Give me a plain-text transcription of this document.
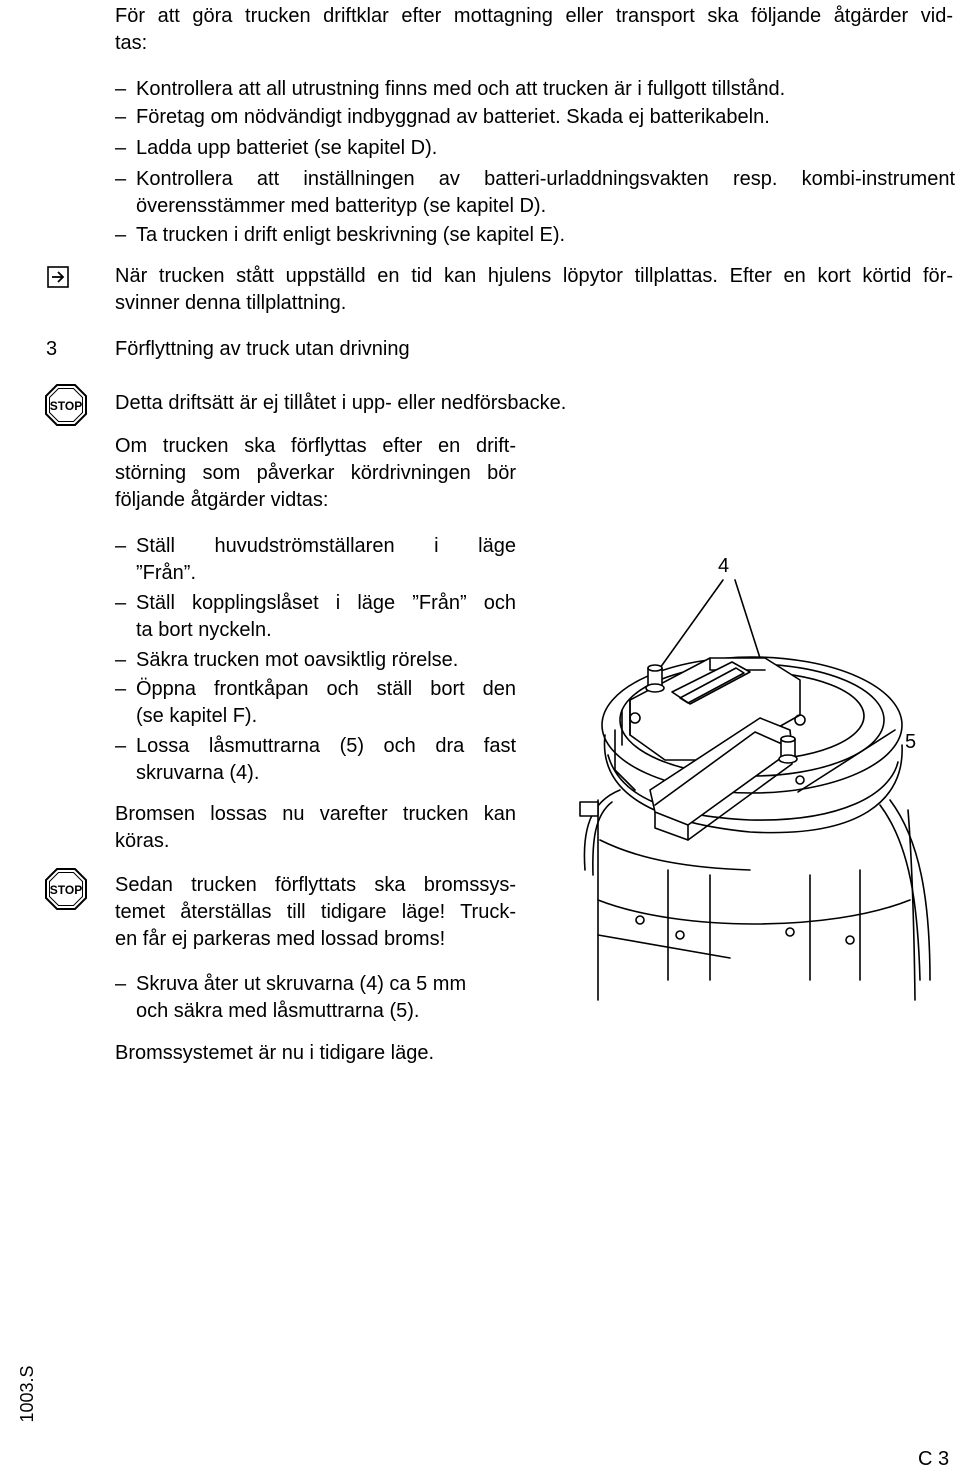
För att göra trucken driftklar efter mottagning eller transport ska följande åtgärder vid-
tas:
– Kontrollera att all utrustning finns med och att trucken är i fullgott tillstånd.
– Företag om nödvändigt indbyggnad av batteriet. Skada ej batterikabeln.
– Ladda upp batteriet (se kapitel D).
– Kontrollera att inställningen av batteri-urladdningsvakten resp. kombi-instrument
överensstämmer med batterityp (se kapitel D).
– Ta trucken i drift enligt beskrivning (se kapitel E).
När trucken stått uppställd en tid kan hjulens löpytor tillplattas. Efter en kort körtid för-
svinner denna tillplattning.
3	Förflyttning av truck utan drivning
STOP Detta driftsätt är ej tillåtet i upp- eller nedförsbacke.
Om trucken ska förflyttas efter en drift-
störning som påverkar kördrivningen bör
följande åtgärder vidtas:
– Ställ huvudströmställaren i läge
”Från”.
– Ställ kopplingslåset i läge ”Från” och
ta bort nyckeln.
– Säkra trucken mot oavsiktlig rörelse.
– Öppna frontkåpan och ställ bort den
(se kapitel F).
– Lossa låsmuttrarna (5) och dra fast
skruvarna (4).
Bromsen lossas nu varefter trucken kan
köras.
STOP Sedan trucken förflyttats ska bromssys-
temet återställas till tidigare läge! Truck-
en får ej parkeras med lossad broms!
– Skruva åter ut skruvarna (4) ca 5 mm
och säkra med låsmuttrarna (5).
Bromssystemet är nu i tidigare läge.
4
5
1003.S
C 3
